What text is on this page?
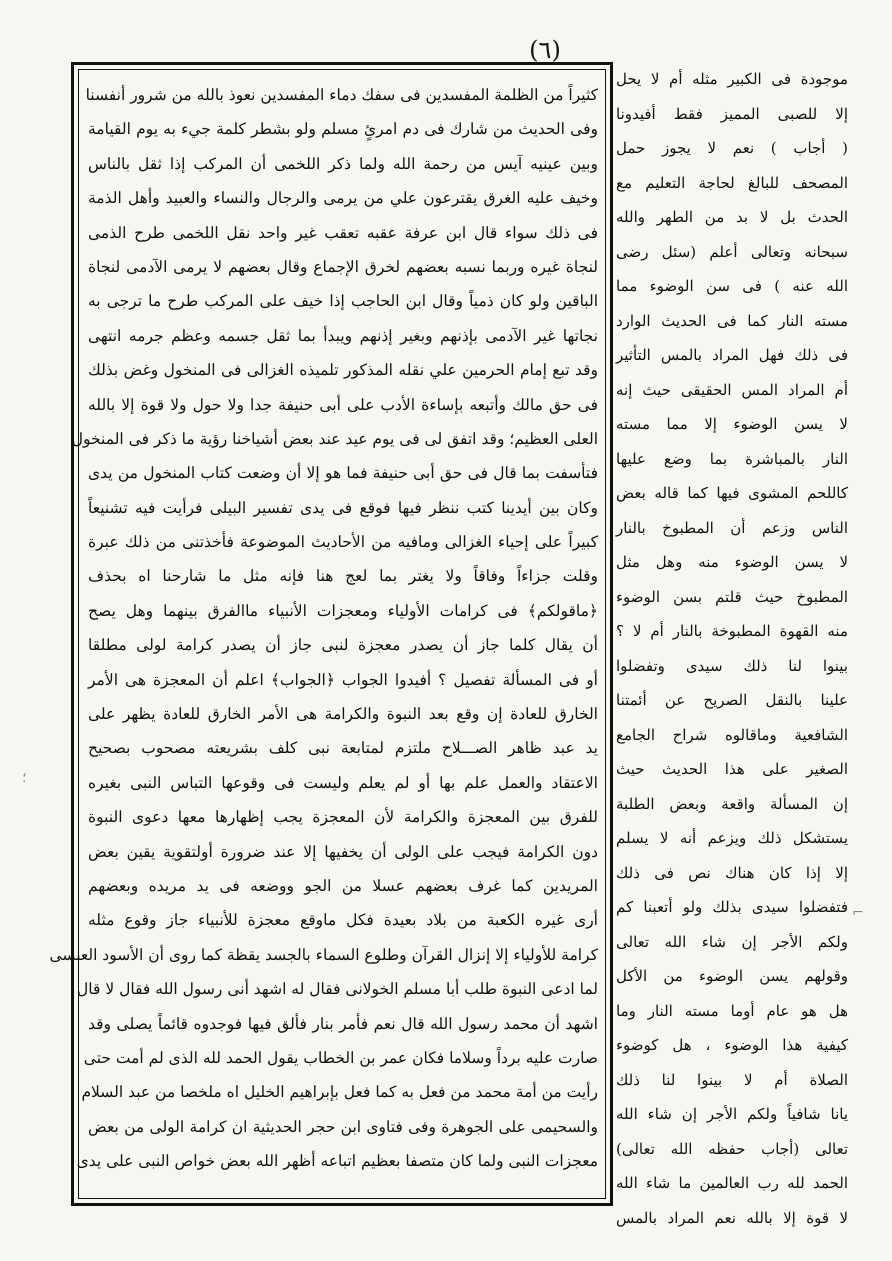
(٦)
كثيراً من الظلمة المفسدين فى سفك دماء المفسدين نعوذ بالله من شرور أنفسنا
وفى الحديث من شارك فى دم امرئٍ مسلم ولو بشطر كلمة جيء به يوم القيامة
وبين عينيه آيس من رحمة الله ولما ذكر اللخمى أن المركب إذا ثقل بالناس
وخيف عليه الغرق يقترعون علي من يرمى والرجال والنساء والعبيد وأهل الذمة
فى ذلك سواء قال ابن عرفة عقبه تعقب غير واحد نقل اللخمى طرح الذمى
لنجاة غيره وربما نسبه بعضهم لخرق الإجماع وقال بعضهم لا يرمى الآدمى لنجاة
الباقين ولو كان ذمياً وقال ابن الحاجب إذا خيف على المركب طرح ما ترجى به
نجاتها غير الآدمى بإذنهم وبغير إذنهم ويبدأ بما ثقل جسمه وعظم جرمه انتهى
وقد تبع إمام الحرمين علي نقله المذكور تلميذه الغزالى فى المنخول وغض بذلك
فى حق مالك وأتبعه بإساءة الأدب على أبى حنيفة جدا ولا حول ولا قوة إلا بالله
العلى العظيم؛ وقد اتفق لى فى يوم عيد عند بعض أشياخنا رؤية ما ذكر فى المنخول
فتأسفت بما قال فى حق أبى حنيفة فما هو إلا أن وضعت كتاب المنخول من يدى
وكان بين أيدينا كتب ننظر فيها فوقع فى يدى تفسير البيلى فرأيت فيه تشنيعاً
كبيراً على إحياء الغزالى ومافيه من الأحاديث الموضوعة فأخذتنى من ذلك عبرة
وقلت جزاءاً وفاقاً ولا يغتر بما لعج هنا فإنه مثل ما شارحنا اه بحذف
﴿ماقولكم﴾ فى كرامات الأولياء ومعجزات الأنبياء ماالفرق بينهما وهل يصح
أن يقال كلما جاز أن يصدر معجزة لنبى جاز أن يصدر كرامة لولى مطلقا
أو فى المسألة تفصيل ؟ أفيدوا الجواب ﴿الجواب﴾ اعلم أن المعجزة هى الأمر
الخارق للعادة إن وقع بعد النبوة والكرامة هى الأمر الخارق للعادة يظهر على
يد عبد ظاهر الصـــلاح ملتزم لمتابعة نبى كلف بشريعته مصحوب بصحيح
الاعتقاد والعمل علم بها أو لم يعلم وليست فى وقوعها التباس النبى بغيره
للفرق بين المعجزة والكرامة لأن المعجزة يجب إظهارها معها دعوى النبوة
دون الكرامة فيجب على الولى أن يخفيها إلا عند ضرورة أولتقوية يقين بعض
المريدين كما غرف بعضهم عسلا من الجو ووضعه فى يد مريده وبعضهم
أرى غيره الكعبة من بلاد بعيدة فكل ماوقع معجزة للأنبياء جاز وقوع مثله
كرامة للأولياء إلا إنزال القرآن وطلوع السماء بالجسد يقظة كما روى أن الأسود العنسى
لما ادعى النبوة طلب أبا مسلم الخولانى فقال له اشهد أنى رسول الله فقال لا قال
اشهد أن محمد رسول الله قال نعم فأمر بنار فألق فيها فوجدوه قائماً يصلى وقد
صارت عليه برداً وسلاما فكان عمر بن الخطاب يقول الحمد لله الذى لم أمت حتى
رأيت من أمة محمد من فعل به كما فعل بإبراهيم الخليل اه ملخصا من عبد السلام
والسحيمى على الجوهرة وفى فتاوى ابن حجر الحديثية ان كرامة الولى من بعض
معجزات النبى ولما كان متصفا بعظيم اتباعه أظهر الله بعض خواص النبى على يدى
موجودة فى الكبير مثله أم لا يحل
إلا للصبى المميز فقط أفيدونا
( أجاب ) نعم لا يجوز حمل
المصحف للبالغ لحاجة التعليم مع
الحدث بل لا بد من الطهر والله
سبحانه وتعالى أعلم (سئل رضى
الله عنه ) فى سن الوضوء مما
مسته النار كما فى الحديث الوارد
فى ذلك فهل المراد بالمس التأثير
أم المراد المس الحقيقى حيث إنه
لا يسن الوضوء إلا مما مسته
النار بالمباشرة بما وضع عليها
كاللحم المشوى فيها كما قاله بعض
الناس وزعم أن المطبوخ بالنار
لا يسن الوضوء منه وهل مثل
المطبوخ حيث قلتم بسن الوضوء
منه القهوة المطبوخة بالنار أم لا ؟
بينوا لنا ذلك سيدى وتفضلوا
علينا بالنقل الصريح عن أئمتنا
الشافعية وماقالوه شراح الجامع
الصغير على هذا الحديث حيث
إن المسألة واقعة وبعض الطلبة
يستشكل ذلك ويزعم أنه لا يسلم
إلا إذا كان هناك نص فى ذلك
فتفضلوا سيدى بذلك ولو أتعبنا كم
ولكم الأجر إن شاء الله تعالى
وقولهم يسن الوضوء من الأكل
هل هو عام أوما مسته النار وما
كيفية هذا الوضوء ، هل كوضوء
الصلاة أم لا بينوا لنا ذلك
يانا شافياً ولكم الأجر إن شاء الله
تعالى (أجاب حفظه الله تعالى)
الحمد لله رب العالمين ما شاء الله
لا قوة إلا بالله نعم المراد بالمس
؛
⌐
